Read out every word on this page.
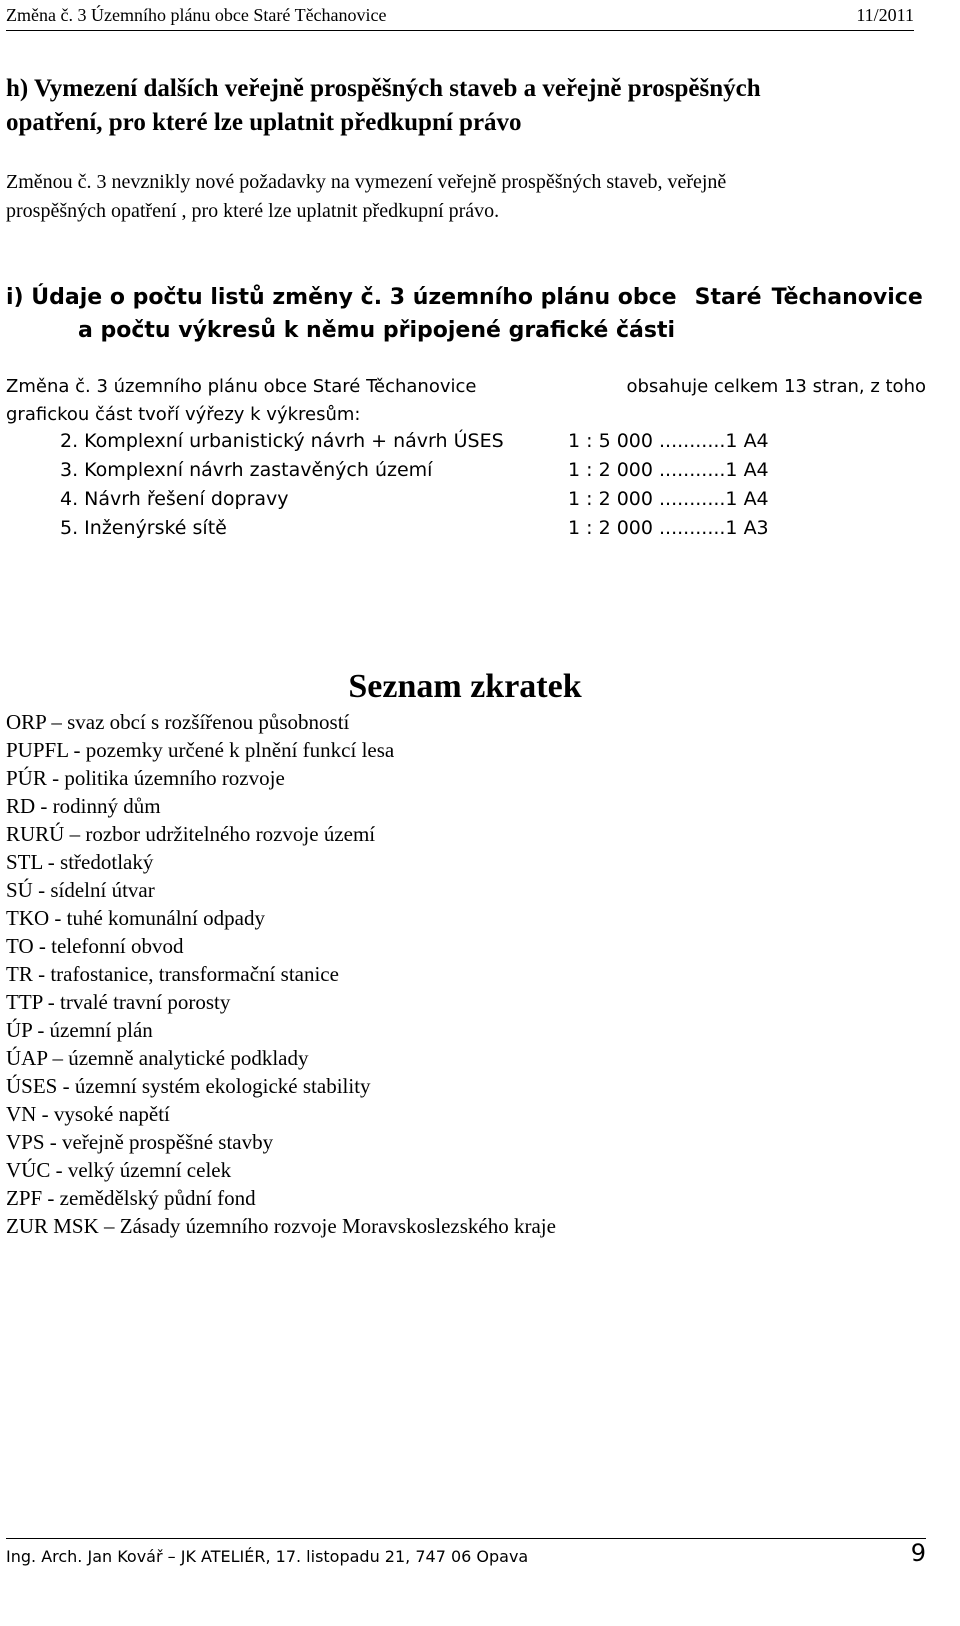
Změna č. 3 Územního plánu obce Staré Těchanovice	11/2011
h) Vymezení dalších veřejně prospěšných staveb a veřejně prospěšných
opatření, pro které lze uplatnit předkupní právo
Změnou č. 3 nevznikly nové požadavky na vymezení veřejně prospěšných staveb, veřejně
prospěšných opatření , pro které lze uplatnit předkupní právo.
i) Údaje o počtu listů změny č. 3 územního plánu obce Staré Těchanovice
a počtu výkresů k němu připojené grafické části
Změna č. 3 územního plánu obce Staré Těchanovice	obsahuje celkem 13 stran, z toho
grafickou část tvoří výřezy k výkresům:
2. Komplexní urbanistický návrh + návrh ÚSES	1 : 5 000 ...........1 A4
3. Komplexní návrh zastavěných území	1 : 2 000 ...........1 A4
4. Návrh řešení dopravy	1 : 2 000 ...........1 A4
5. Inženýrské sítě	1 : 2 000 ...........1 A3
Seznam zkratek
ORP – svaz obcí s rozšířenou působností
PUPFL - pozemky určené k plnění funkcí lesa
PÚR - politika územního rozvoje
RD - rodinný dům
RURÚ – rozbor udržitelného rozvoje území
STL - středotlaký
SÚ - sídelní útvar
TKO - tuhé komunální odpady
TO - telefonní obvod
TR - trafostanice, transformační stanice
TTP - trvalé travní porosty
ÚP - územní plán
ÚAP – územně analytické podklady
ÚSES - územní systém ekologické stability
VN - vysoké napětí
VPS - veřejně prospěšné stavby
VÚC - velký územní celek
ZPF - zemědělský půdní fond
ZUR MSK – Zásady územního rozvoje Moravskoslezského kraje
Ing. Arch. Jan Kovář – JK ATELIÉR, 17. listopadu 21, 747 06 Opava	9
